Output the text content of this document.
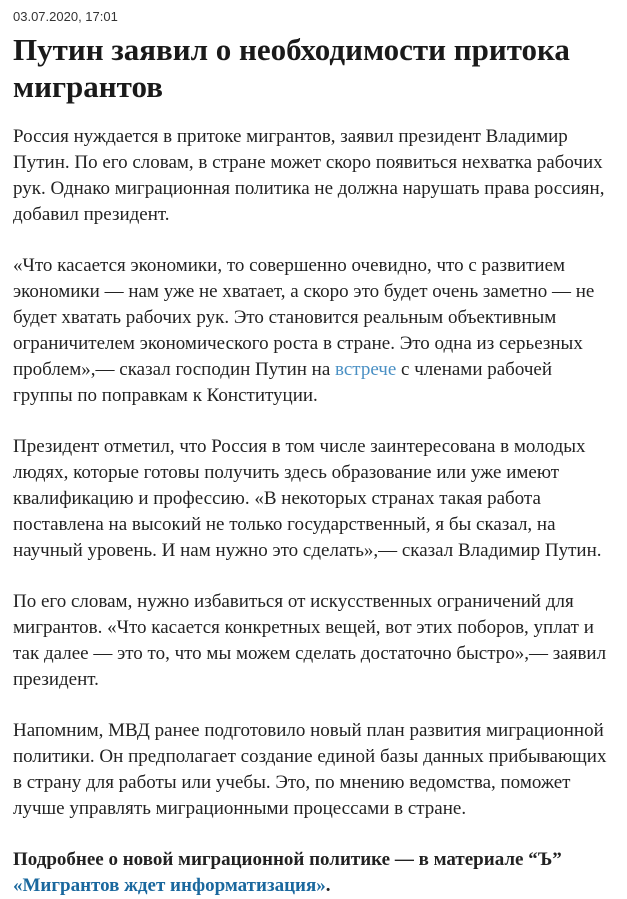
03.07.2020, 17:01
Путин заявил о необходимости притока мигрантов

Россия нуждается в притоке мигрантов, заявил президент Владимир Путин. По его словам, в стране может скоро появиться нехватка рабочих рук. Однако миграционная политика не должна нарушать права россиян, добавил президент.

«Что касается экономики, то совершенно очевидно, что с развитием экономики — нам уже не хватает, а скоро это будет очень заметно — не будет хватать рабочих рук. Это становится реальным объективным ограничителем экономического роста в стране. Это одна из серьезных проблем»,— сказал господин Путин на встрече с членами рабочей группы по поправкам к Конституции.

Президент отметил, что Россия в том числе заинтересована в молодых людях, которые готовы получить здесь образование или уже имеют квалификацию и профессию. «В некоторых странах такая работа поставлена на высокий не только государственный, я бы сказал, на научный уровень. И нам нужно это сделать»,— сказал Владимир Путин.

По его словам, нужно избавиться от искусственных ограничений для мигрантов. «Что касается конкретных вещей, вот этих поборов, уплат и так далее — это то, что мы можем сделать достаточно быстро»,— заявил президент.

Напомним, МВД ранее подготовило новый план развития миграционной политики. Он предполагает создание единой базы данных прибывающих в страну для работы или учебы. Это, по мнению ведомства, поможет лучше управлять миграционными процессами в стране.

Подробнее о новой миграционной политике — в материале “Ъ” «Мигрантов ждет информатизация».
